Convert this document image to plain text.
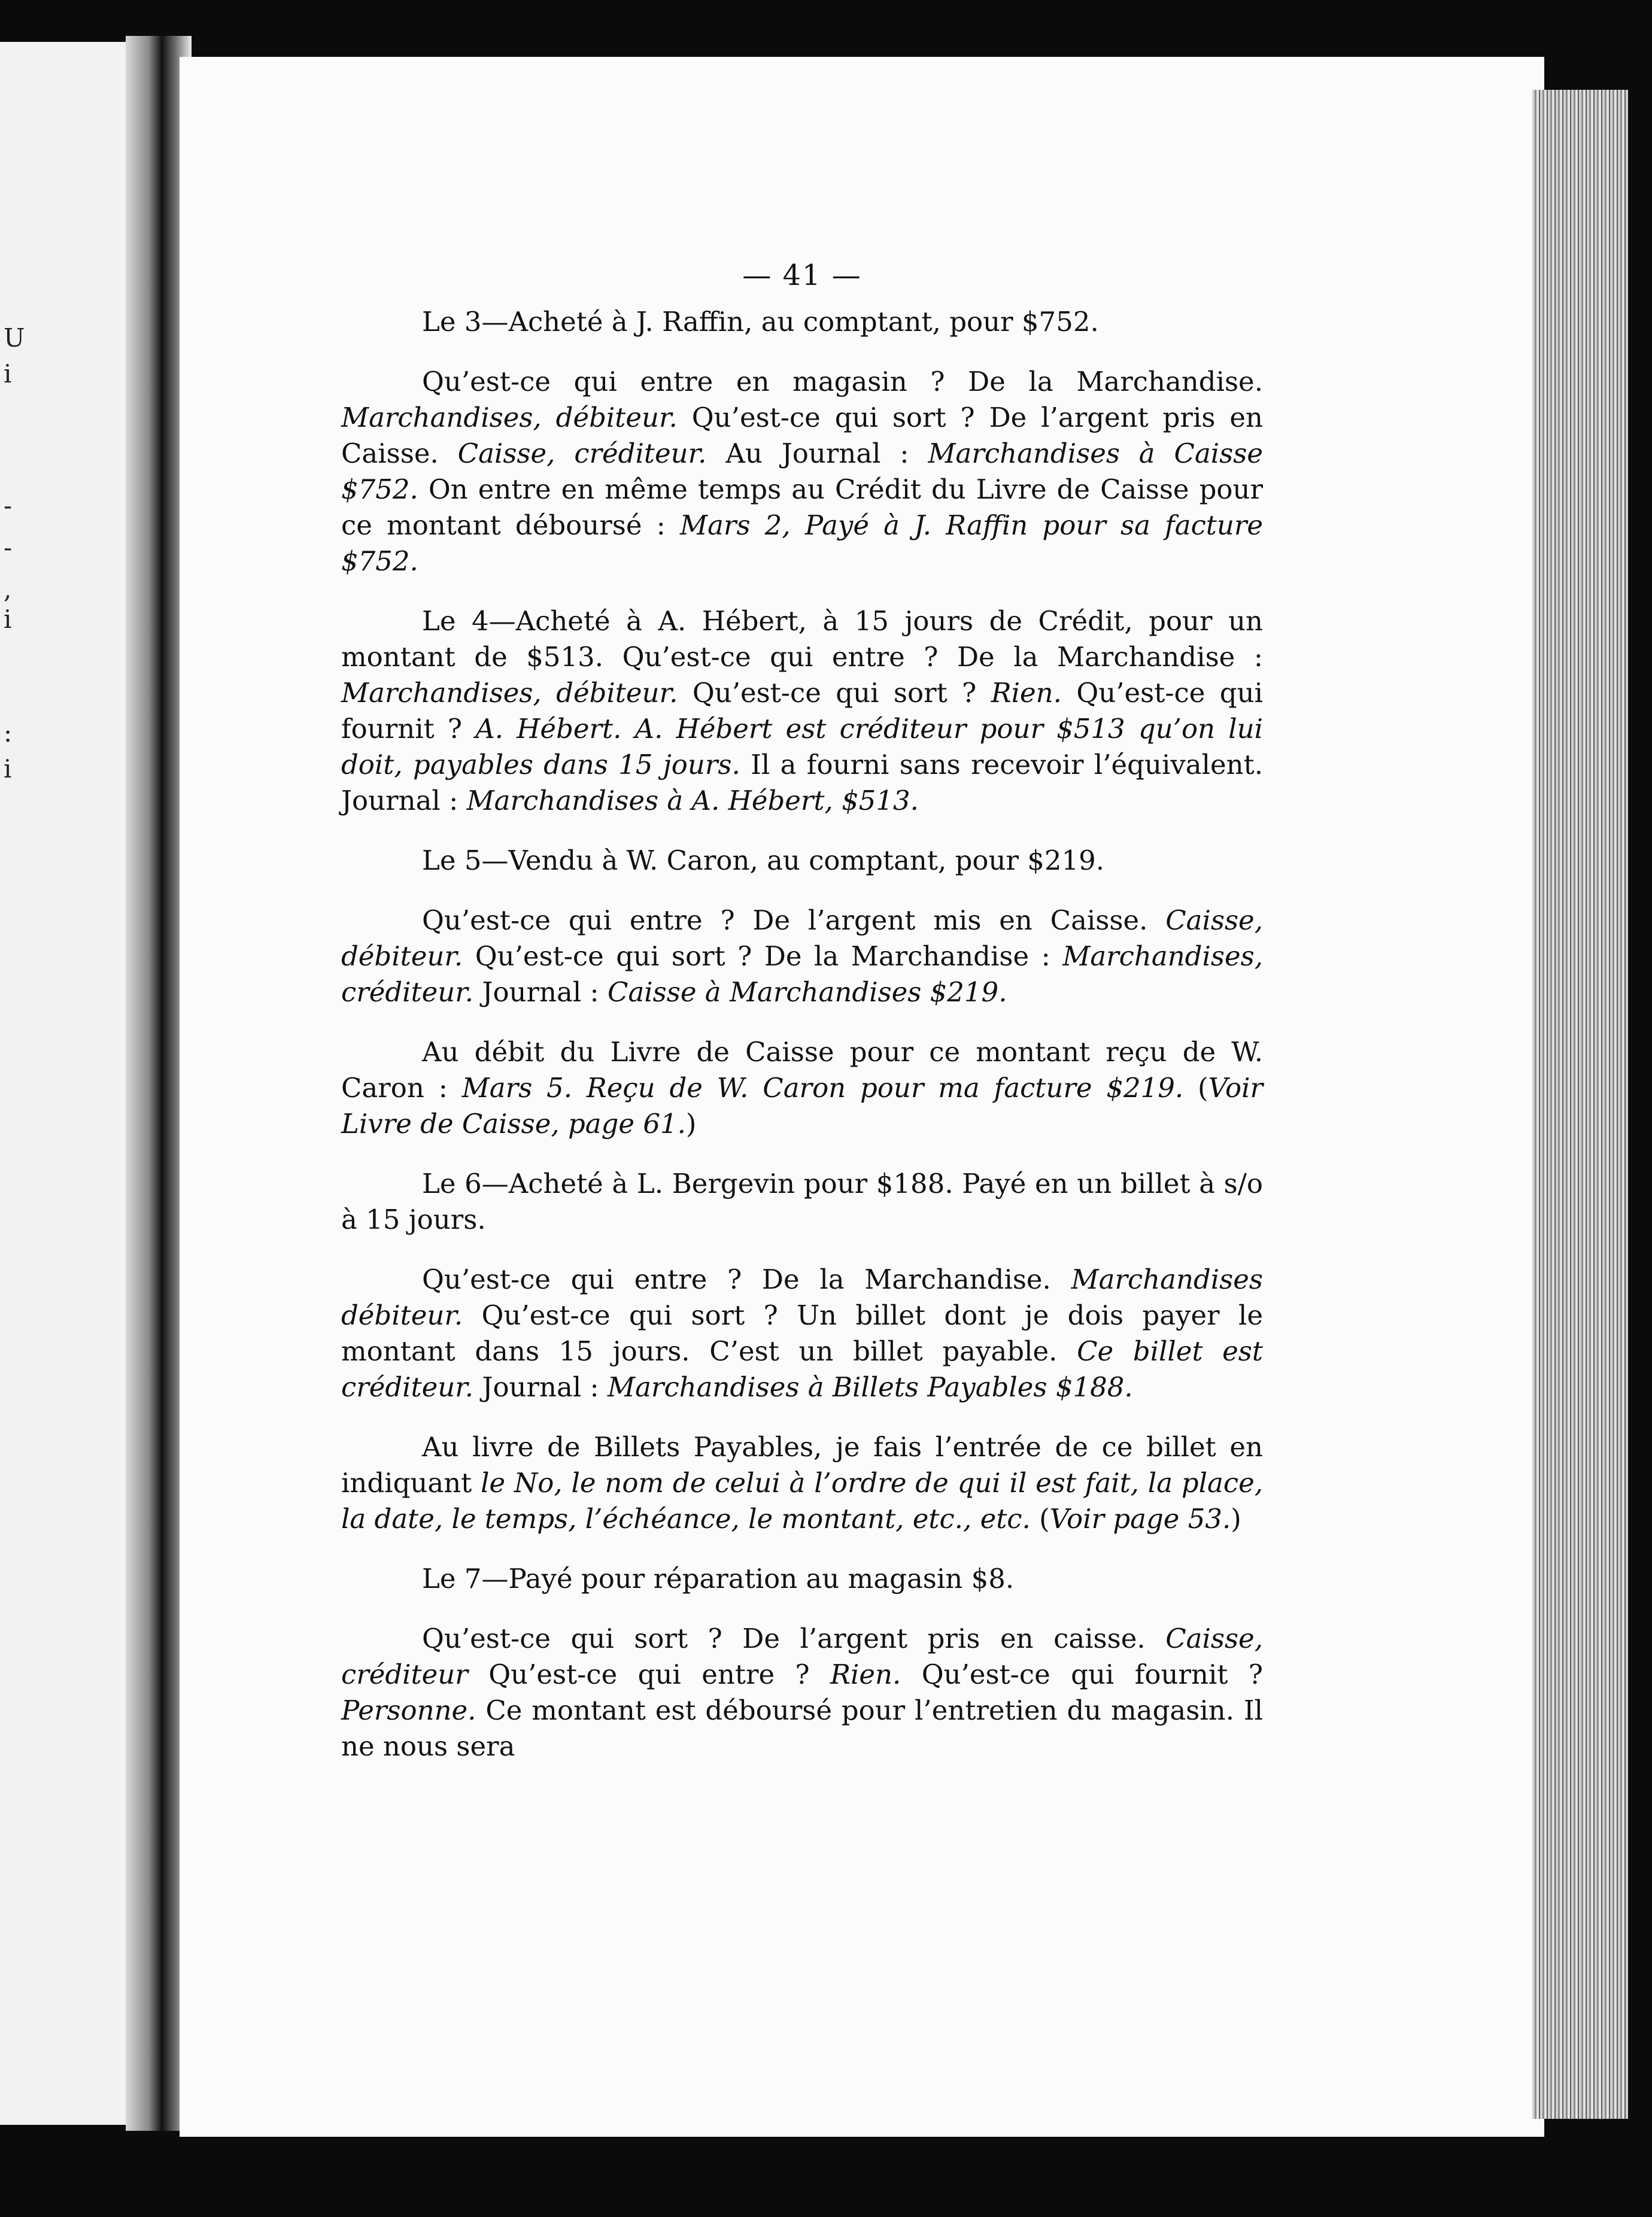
U
i
-
-
,
i
:
i
— 41 —

Le 3—Acheté à J. Raffin, au comptant, pour $752.

Qu’est-ce qui entre en magasin ? De la Marchandise. Marchandises, débiteur. Qu’est-ce qui sort ? De l’argent pris en Caisse. Caisse, créditeur. Au Journal : Marchandises à Caisse $752. On entre en même temps au Crédit du Livre de Caisse pour ce montant déboursé : Mars 2, Payé à J. Raffin pour sa facture $752.

Le 4—Acheté à A. Hébert, à 15 jours de Crédit, pour un montant de $513. Qu’est-ce qui entre ? De la Marchandise : Marchandises, débiteur. Qu’est-ce qui sort ? Rien. Qu’est-ce qui fournit ? A. Hébert. A. Hébert est créditeur pour $513 qu’on lui doit, payables dans 15 jours. Il a fourni sans recevoir l’équivalent. Journal : Marchandises à A. Hébert, $513.

Le 5—Vendu à W. Caron, au comptant, pour $219.

Qu’est-ce qui entre ? De l’argent mis en Caisse. Caisse, débiteur. Qu’est-ce qui sort ? De la Marchandise : Marchandises, créditeur. Journal : Caisse à Marchandises $219.

Au débit du Livre de Caisse pour ce montant reçu de W. Caron : Mars 5. Reçu de W. Caron pour ma facture $219. (Voir Livre de Caisse, page 61.)

Le 6—Acheté à L. Bergevin pour $188. Payé en un billet à s/o à 15 jours.

Qu’est-ce qui entre ? De la Marchandise. Marchandises débiteur. Qu’est-ce qui sort ? Un billet dont je dois payer le montant dans 15 jours. C’est un billet payable. Ce billet est créditeur. Journal : Marchandises à Billets Payables $188.

Au livre de Billets Payables, je fais l’entrée de ce billet en indiquant le No, le nom de celui à l’ordre de qui il est fait, la place, la date, le temps, l’échéance, le montant, etc., etc. (Voir page 53.)

Le 7—Payé pour réparation au magasin $8.

Qu’est-ce qui sort ? De l’argent pris en caisse. Caisse, créditeur Qu’est-ce qui entre ? Rien. Qu’est-ce qui fournit ? Personne. Ce montant est déboursé pour l’entretien du magasin. Il ne nous sera
